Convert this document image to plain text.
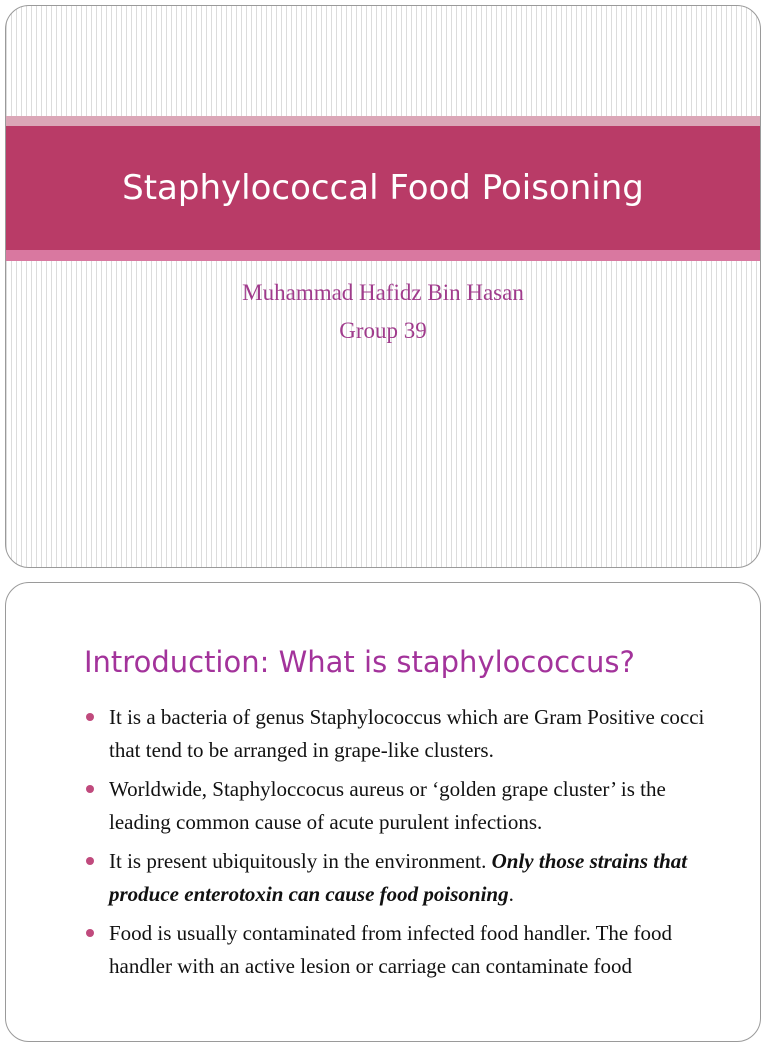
Staphylococcal Food Poisoning
Muhammad Hafidz Bin Hasan
Group 39
Introduction: What is staphylococcus?
It is a bacteria of genus Staphylococcus which are Gram Positive cocci that tend to be arranged in grape-like clusters.
Worldwide, Staphyloccocus aureus or ‘golden grape cluster’ is the leading common cause of acute purulent infections.
It is present ubiquitously in the environment. Only those strains that produce enterotoxin can cause food poisoning.
Food is usually contaminated from infected food handler. The food handler with an active lesion or carriage can contaminate food
